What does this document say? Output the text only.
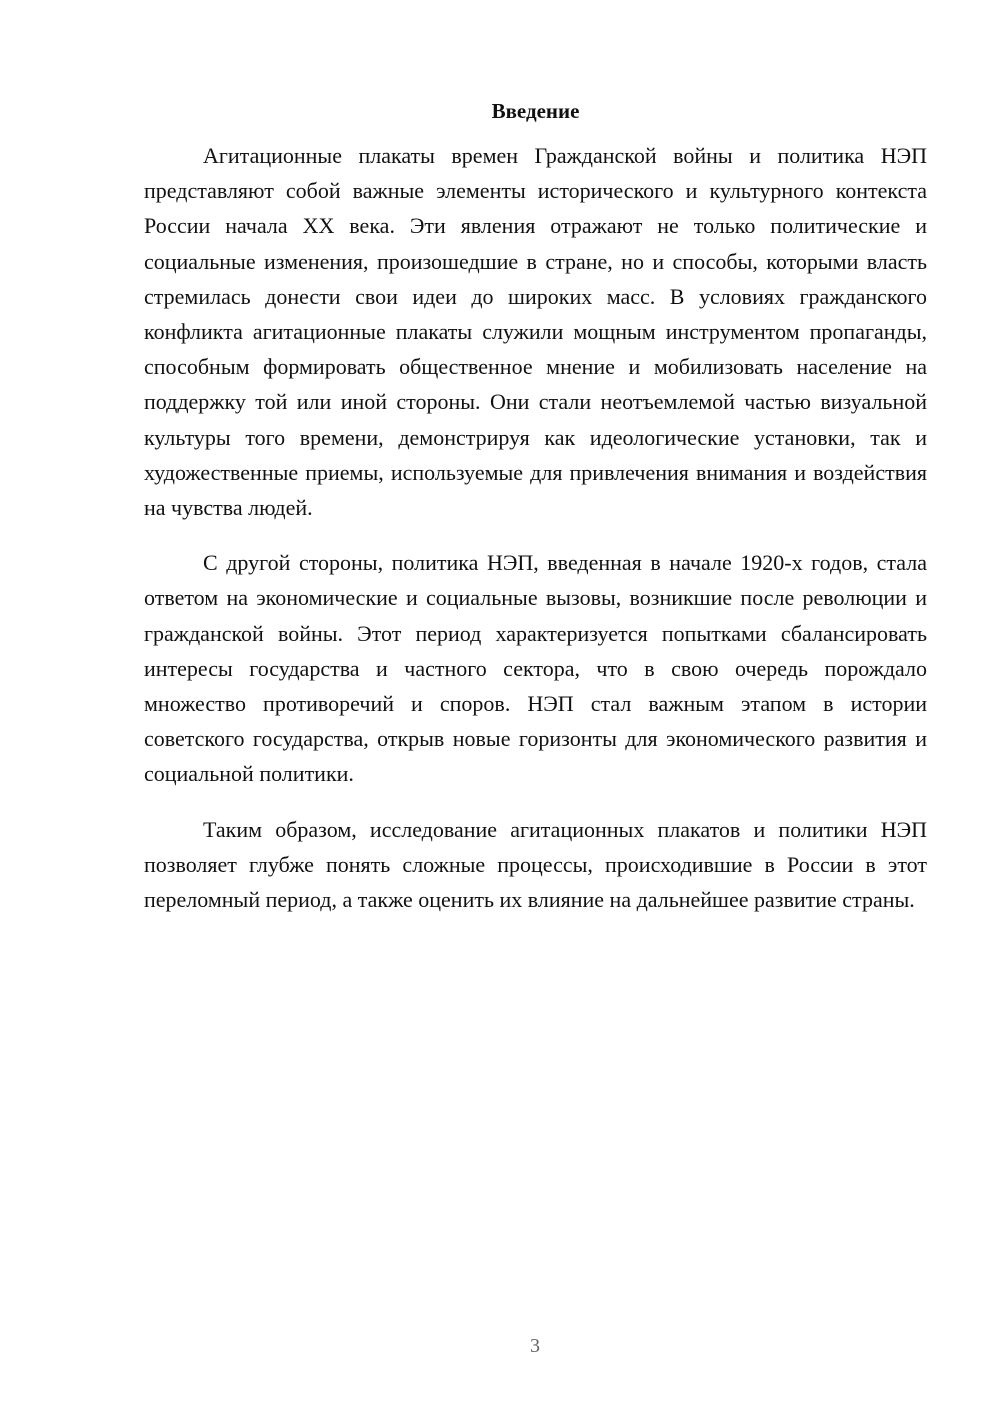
Введение

Агитационные плакаты времен Гражданской войны и политика НЭП представляют собой важные элементы исторического и культурного контекста России начала XX века. Эти явления отражают не только политические и социальные изменения, произошедшие в стране, но и способы, которыми власть стремилась донести свои идеи до широких масс. В условиях гражданского конфликта агитационные плакаты служили мощным инструментом пропаганды, способным формировать общественное мнение и мобилизовать население на поддержку той или иной стороны. Они стали неотъемлемой частью визуальной культуры того времени, демонстрируя как идеологические установки, так и художественные приемы, используемые для привлечения внимания и воздействия на чувства людей.

С другой стороны, политика НЭП, введенная в начале 1920-х годов, стала ответом на экономические и социальные вызовы, возникшие после революции и гражданской войны. Этот период характеризуется попытками сбалансировать интересы государства и частного сектора, что в свою очередь порождало множество противоречий и споров. НЭП стал важным этапом в истории советского государства, открыв новые горизонты для экономического развития и социальной политики.

Таким образом, исследование агитационных плакатов и политики НЭП позволяет глубже понять сложные процессы, происходившие в России в этот переломный период, а также оценить их влияние на дальнейшее развитие страны.

3
